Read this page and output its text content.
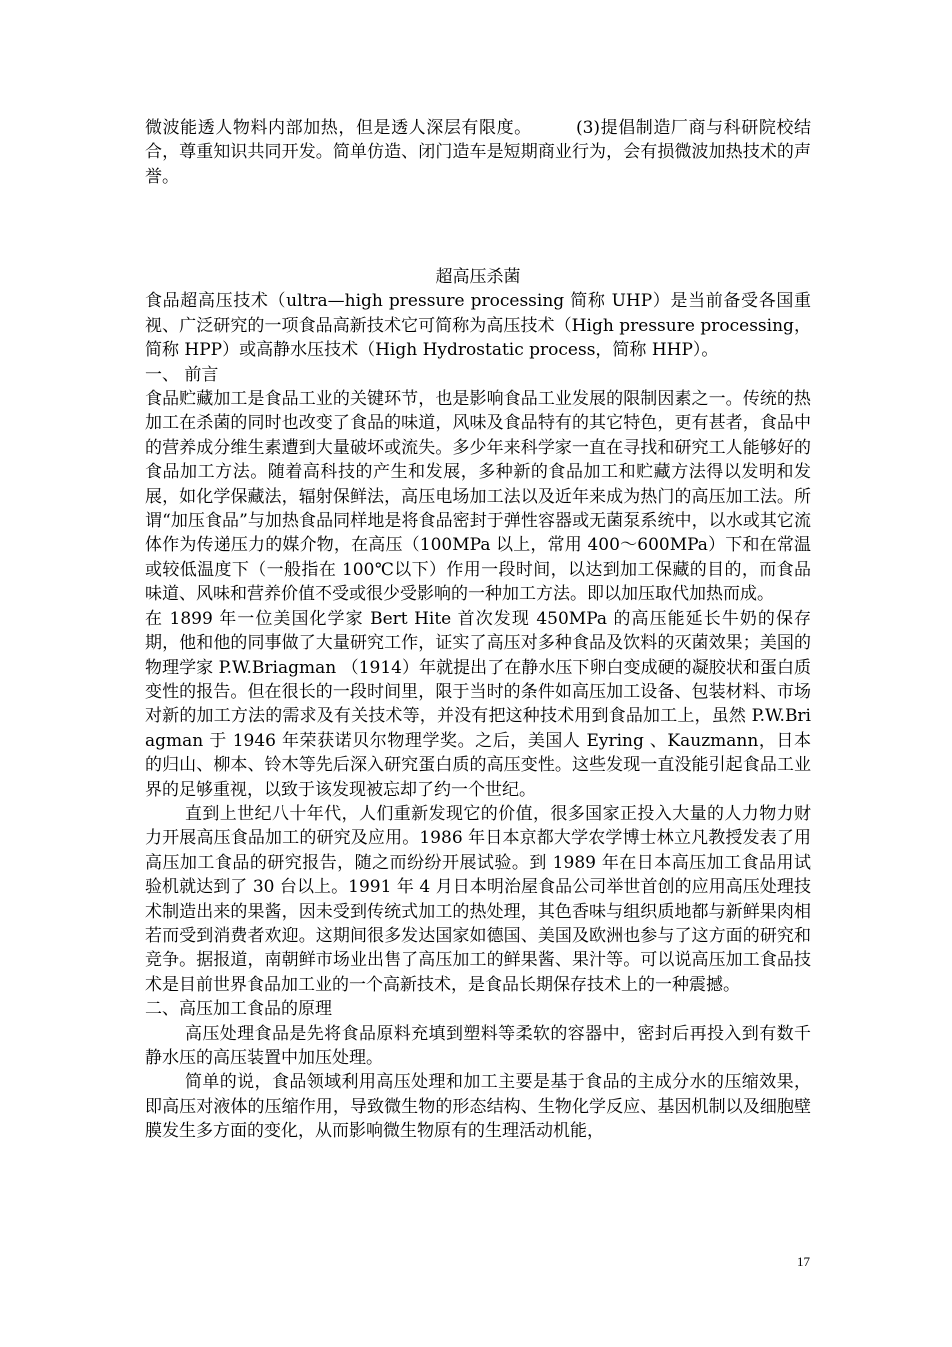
微波能透人物料内部加热，但是透人深层有限度。　　　(3)提倡制造厂商与科研院校结合，尊重知识共同开发。简单仿造、闭门造车是短期商业行为，会有损微波加热技术的声誉。

超高压杀菌

食品超高压技术（ultra—high pressure processing 简称 UHP）是当前备受各国重视、广泛研究的一项食品高新技术它可简称为高压技术（High pressure processing，简称 HPP）或高静水压技术（High Hydrostatic process，简称 HHP）。

一、 前言

食品贮藏加工是食品工业的关键环节，也是影响食品工业发展的限制因素之一。传统的热加工在杀菌的同时也改变了食品的味道，风味及食品特有的其它特色，更有甚者，食品中的营养成分维生素遭到大量破坏或流失。多少年来科学家一直在寻找和研究工人能够好的食品加工方法。随着高科技的产生和发展，多种新的食品加工和贮藏方法得以发明和发展，如化学保藏法，辐射保鲜法，高压电场加工法以及近年来成为热门的高压加工法。所谓“加压食品”与加热食品同样地是将食品密封于弹性容器或无菌泵系统中，以水或其它流体作为传递压力的媒介物，在高压（100MPa 以上，常用 400～600MPa）下和在常温或较低温度下（一般指在 100℃以下）作用一段时间，以达到加工保藏的目的，而食品味道、风味和营养价值不受或很少受影响的一种加工方法。即以加压取代加热而成。

在 1899 年一位美国化学家 Bert Hite 首次发现 450MPa 的高压能延长牛奶的保存期，他和他的同事做了大量研究工作，证实了高压对多种食品及饮料的灭菌效果；美国的物理学家 P.W.Briagman （1914）年就提出了在静水压下卵白变成硬的凝胶状和蛋白质变性的报告。但在很长的一段时间里，限于当时的条件如高压加工设备、包装材料、市场对新的加工方法的需求及有关技术等，并没有把这种技术用到食品加工上，虽然 P.W.Briagman 于 1946 年荣获诺贝尔物理学奖。之后，美国人 Eyring 、Kauzmann，日本的归山、柳本、铃木等先后深入研究蛋白质的高压变性。这些发现一直没能引起食品工业界的足够重视，以致于该发现被忘却了约一个世纪。

直到上世纪八十年代，人们重新发现它的价值，很多国家正投入大量的人力物力财力开展高压食品加工的研究及应用。1986 年日本京都大学农学博士林立凡教授发表了用高压加工食品的研究报告，随之而纷纷开展试验。到 1989 年在日本高压加工食品用试验机就达到了 30 台以上。1991 年 4 月日本明治屋食品公司举世首创的应用高压处理技术制造出来的果酱，因未受到传统式加工的热处理，其色香味与组织质地都与新鲜果肉相若而受到消费者欢迎。这期间很多发达国家如德国、美国及欧洲也参与了这方面的研究和竞争。据报道，南朝鲜市场业出售了高压加工的鲜果酱、果汁等。可以说高压加工食品技术是目前世界食品加工业的一个高新技术，是食品长期保存技术上的一种震撼。

二、高压加工食品的原理

高压处理食品是先将食品原料充填到塑料等柔软的容器中，密封后再投入到有数千静水压的高压装置中加压处理。

简单的说，食品领域利用高压处理和加工主要是基于食品的主成分水的压缩效果，即高压对液体的压缩作用，导致微生物的形态结构、生物化学反应、基因机制以及细胞壁膜发生多方面的变化，从而影响微生物原有的生理活动机能，

17
